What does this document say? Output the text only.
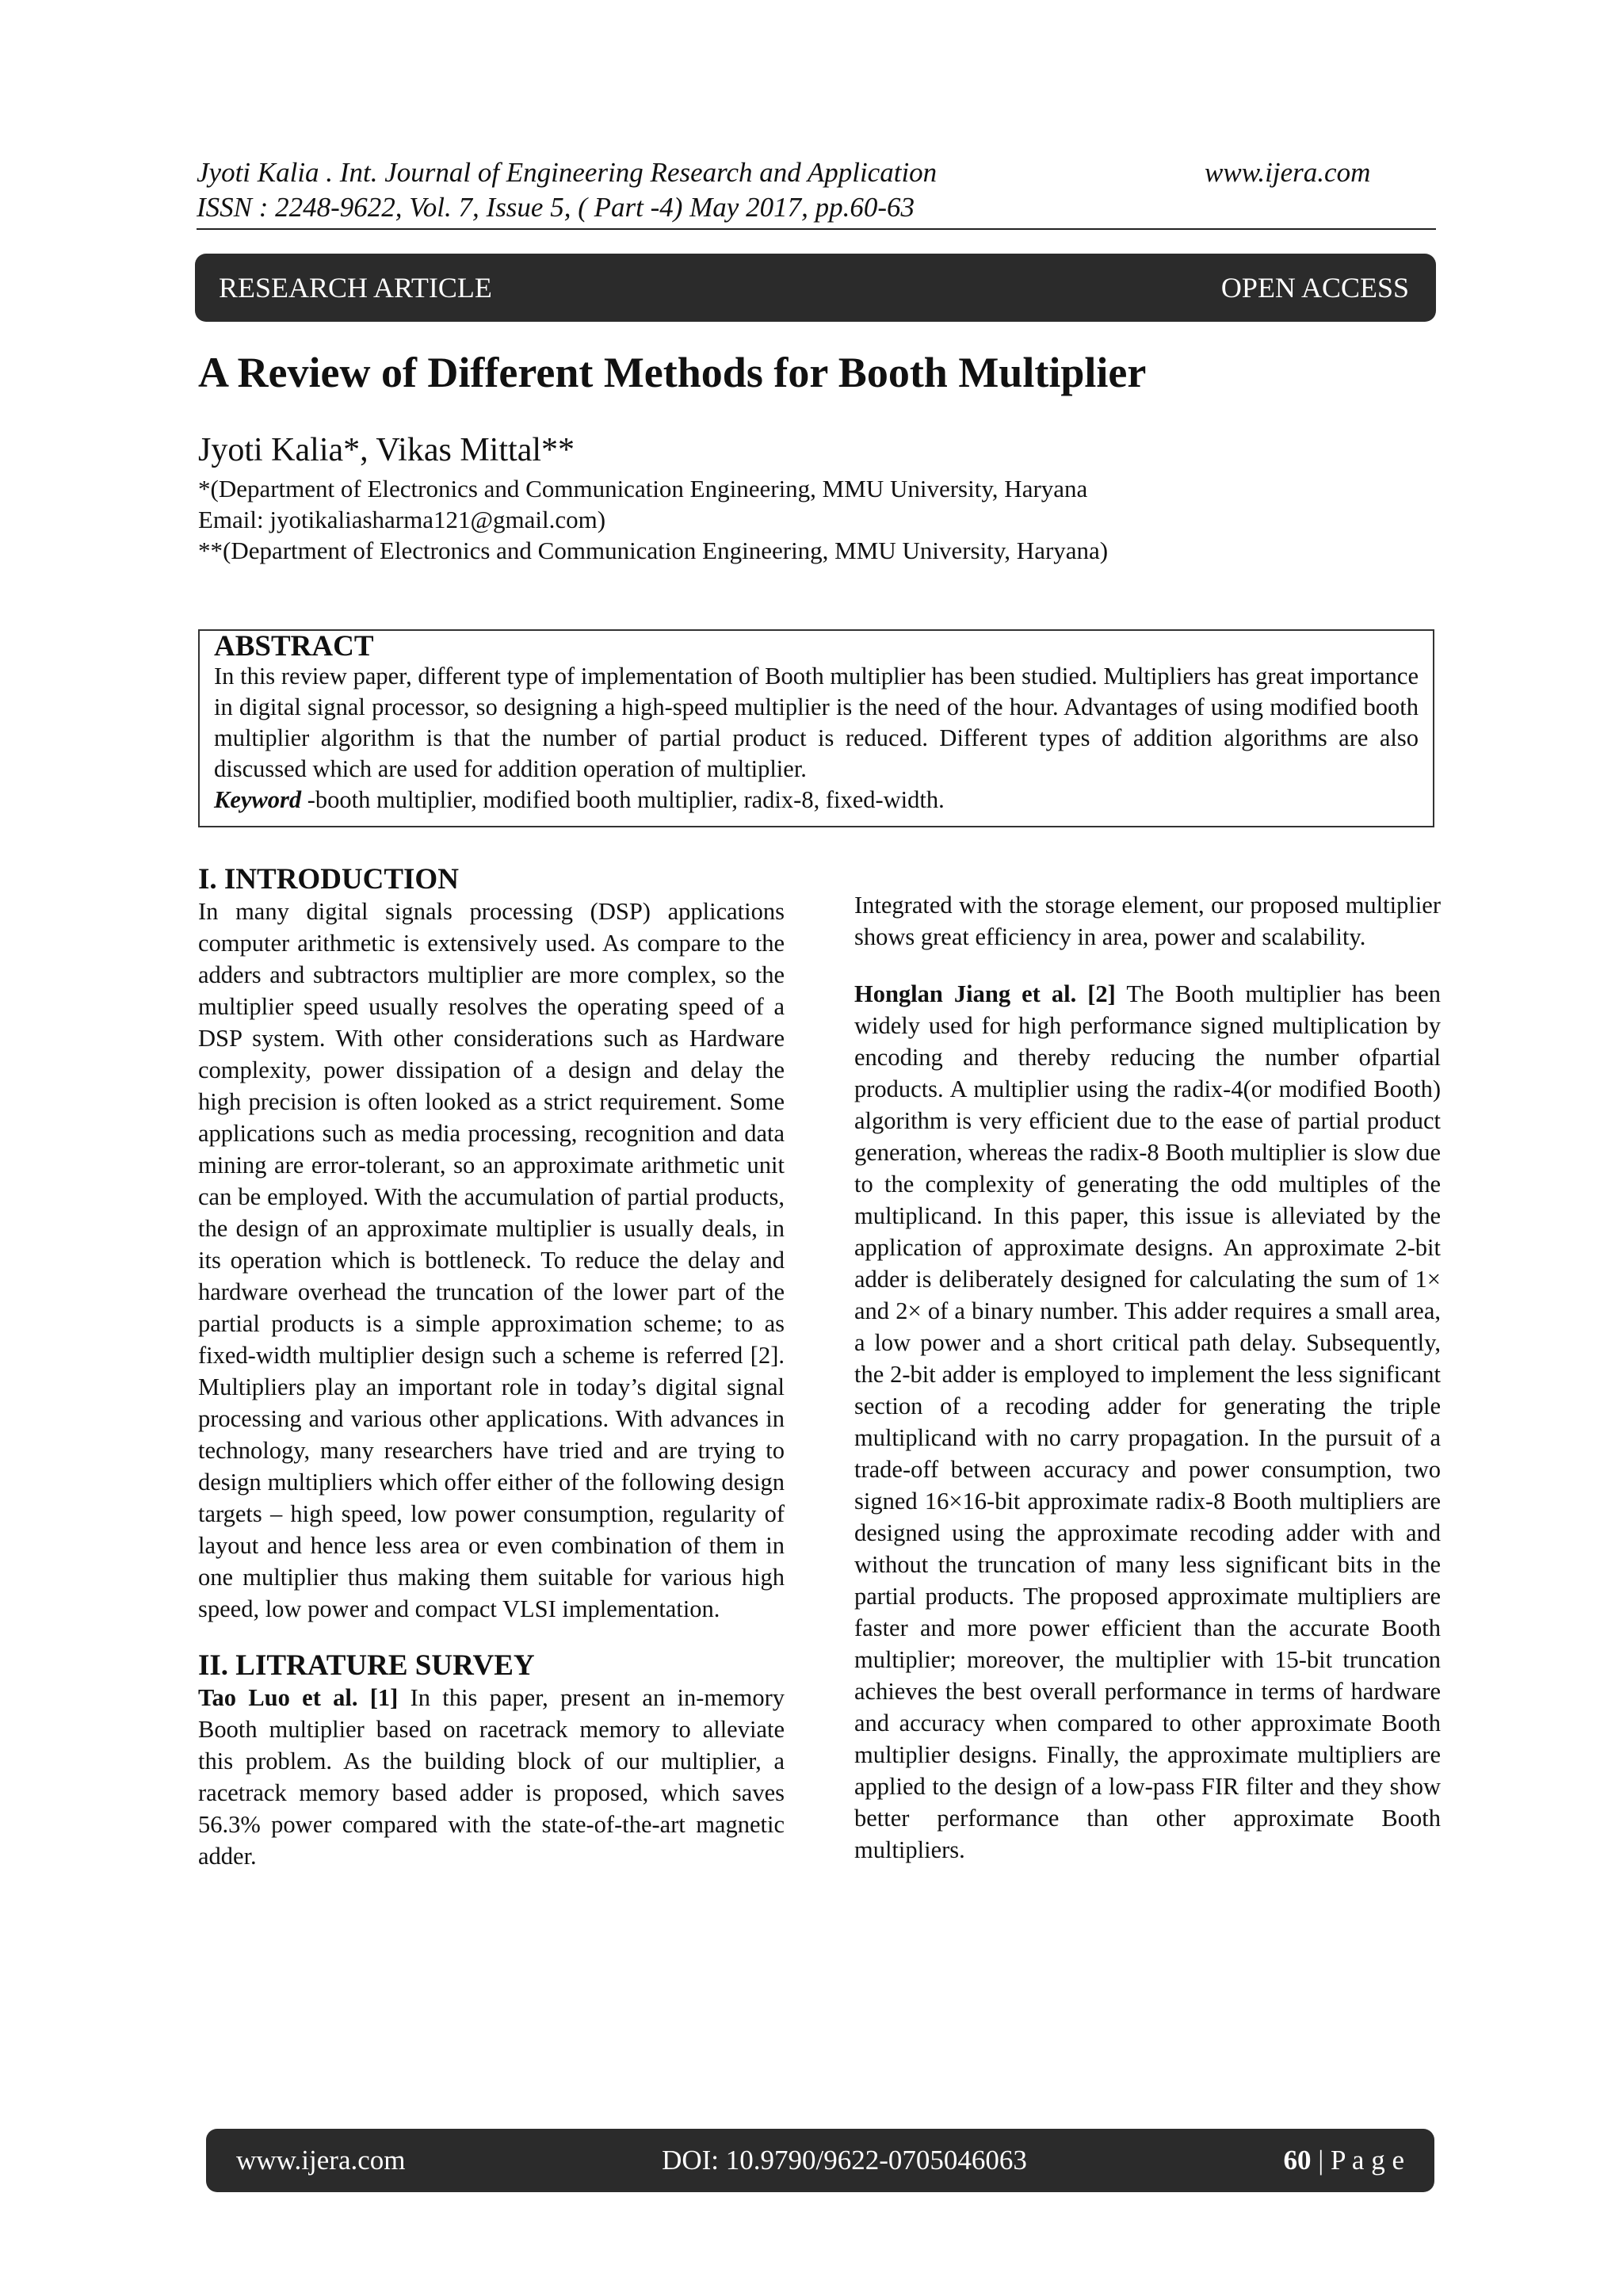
Jyoti Kalia . Int. Journal of Engineering Research and Application	www.ijera.com
ISSN : 2248-9622, Vol. 7, Issue 5, ( Part -4) May 2017, pp.60-63
RESEARCH ARTICLE	OPEN ACCESS
A Review of Different Methods for Booth Multiplier
Jyoti Kalia*, Vikas Mittal**
*(Department of Electronics and Communication Engineering, MMU University, Haryana
Email: jyotikaliasharma121@gmail.com)
**(Department of Electronics and Communication Engineering, MMU University, Haryana)
ABSTRACT
In this review paper, different type of implementation of Booth multiplier has been studied. Multipliers has great importance in digital signal processor, so designing a high-speed multiplier is the need of the hour. Advantages of using modified booth multiplier algorithm is that the number of partial product is reduced. Different types of addition algorithms are also discussed which are used for addition operation of multiplier.
Keyword -booth multiplier, modified booth multiplier, radix-8, fixed-width.
I. INTRODUCTION
In many digital signals processing (DSP) applications computer arithmetic is extensively used. As compare to the adders and subtractors multiplier are more complex, so the multiplier speed usually resolves the operating speed of a DSP system. With other considerations such as Hardware complexity, power dissipation of a design and delay the high precision is often looked as a strict requirement. Some applications such as media processing, recognition and data mining are error-tolerant, so an approximate arithmetic unit can be employed. With the accumulation of partial products, the design of an approximate multiplier is usually deals, in its operation which is bottleneck. To reduce the delay and hardware overhead the truncation of the lower part of the partial products is a simple approximation scheme; to as fixed-width multiplier design such a scheme is referred [2]. Multipliers play an important role in today’s digital signal processing and various other applications. With advances in technology, many researchers have tried and are trying to design multipliers which offer either of the following design targets – high speed, low power consumption, regularity of layout and hence less area or even combination of them in one multiplier thus making them suitable for various high speed, low power and compact VLSI implementation.
II. LITRATURE SURVEY
Tao Luo et al. [1] In this paper, present an in-memory Booth multiplier based on racetrack memory to alleviate this problem. As the building block of our multiplier, a racetrack memory based adder is proposed, which saves 56.3% power compared with the state-of-the-art magnetic adder.
Integrated with the storage element, our proposed multiplier shows great efficiency in area, power and scalability.
Honglan Jiang et al. [2] The Booth multiplier has been widely used for high performance signed multiplication by encoding and thereby reducing the number ofpartial products. A multiplier using the radix-4(or modified Booth) algorithm is very efficient due to the ease of partial product generation, whereas the radix-8 Booth multiplier is slow due to the complexity of generating the odd multiples of the multiplicand. In this paper, this issue is alleviated by the application of approximate designs. An approximate 2-bit adder is deliberately designed for calculating the sum of 1× and 2× of a binary number. This adder requires a small area, a low power and a short critical path delay. Subsequently, the 2-bit adder is employed to implement the less significant section of a recoding adder for generating the triple multiplicand with no carry propagation. In the pursuit of a trade-off between accuracy and power consumption, two signed 16×16-bit approximate radix-8 Booth multipliers are designed using the approximate recoding adder with and without the truncation of many less significant bits in the partial products. The proposed approximate multipliers are faster and more power efficient than the accurate Booth multiplier; moreover, the multiplier with 15-bit truncation achieves the best overall performance in terms of hardware and accuracy when compared to other approximate Booth multiplier designs. Finally, the approximate multipliers are applied to the design of a low-pass FIR filter and they show better performance than other approximate Booth multipliers.
www.ijera.com	DOI: 10.9790/9622-0705046063	60 | P a g e
